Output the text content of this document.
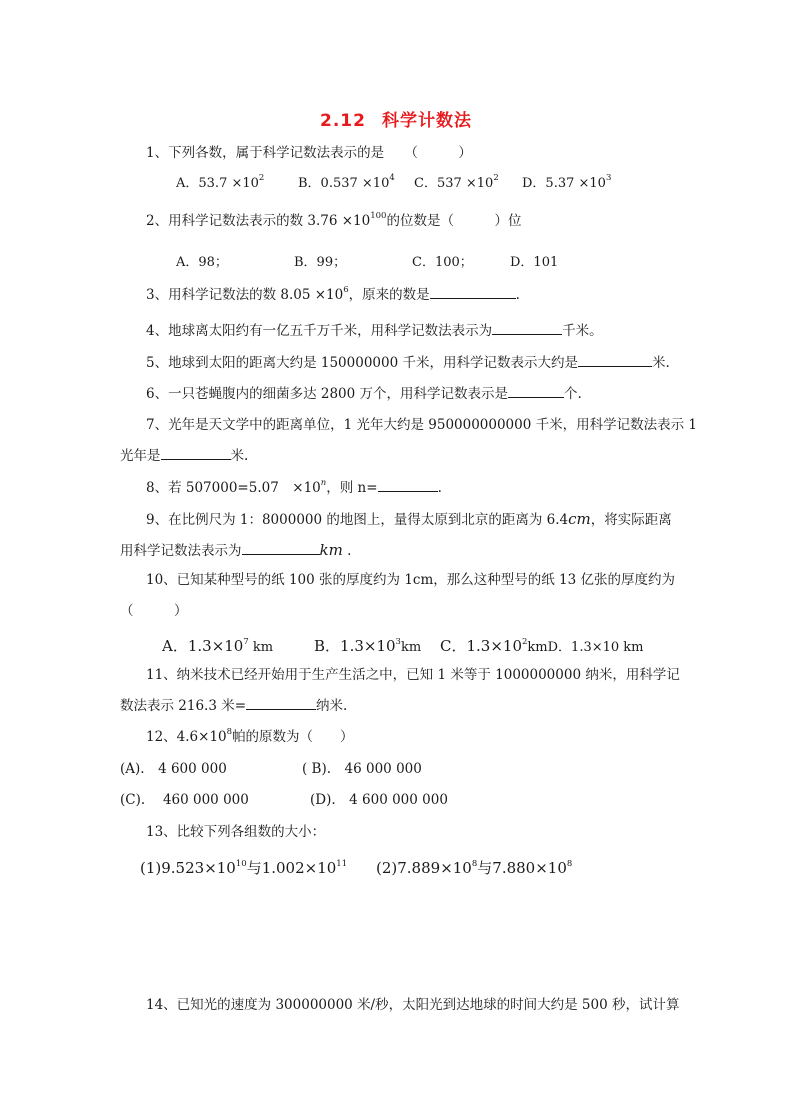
2.12 科学计数法
1、下列各数，属于科学记数法表示的是　　（　　　）
A．$53.7 \times 10^2$	B．$0.537 \times 10^4$ C．$537 \times 10^2$ D．$5.37 \times 10^3$
2、用科学记数法表示的数 $3.76 \times 10^{100}$的位数是（　　　）位
A．98；	B．99；	C．100；	D．101
3、用科学记数法的数 $8.05 \times 10^6$，原来的数是	.
4、地球离太阳约有一亿五千万千米，用科学记数法表示为	千米。
5、地球到太阳的距离大约是 150000000 千米，用科学记数表示大约是	米.
6、一只苍蝇腹内的细菌多达 2800 万个，用科学记数表示是	个.
7、光年是天文学中的距离单位，1 光年大约是 950000000000 千米，用科学记数法表示 1
光年是	米.
8、若 507000=5.07　$\times 10^n$，则 n=	.
9、在比例尺为 1：8000000 的地图上，量得太原到北京的距离为 6.4cm，将实际距离
用科学记数法表示为	km .
10、已知某种型号的纸 100 张的厚度约为 1cm，那么这种型号的纸 13 亿张的厚度约为
（　　　）
A．$1.3\times 10^7$ km	B．$1.3\times 10^3km$ C．$1.3\times 10^2kmD$．1.3×10 km
11、纳米技术已经开始用于生产生活之中，已知 1 米等于 1000000000 纳米，用科学记
数法表示 216.3 米=	纳米.
12、$4.6\times 10^8$帕的原数为（　　）
(A).　4 600 000	( B).　46 000 000
(C).　 460 000 000	(D).　4 600 000 000
13、比较下列各组数的大小：
$(1)9.523\times 10^{10}$与$1.002\times 10^{11}$ $(2)7.889\times 10^8$与$7.880\times 10^8$
14、已知光的速度为 300000000 米/秒，太阳光到达地球的时间大约是 500 秒，试计算
